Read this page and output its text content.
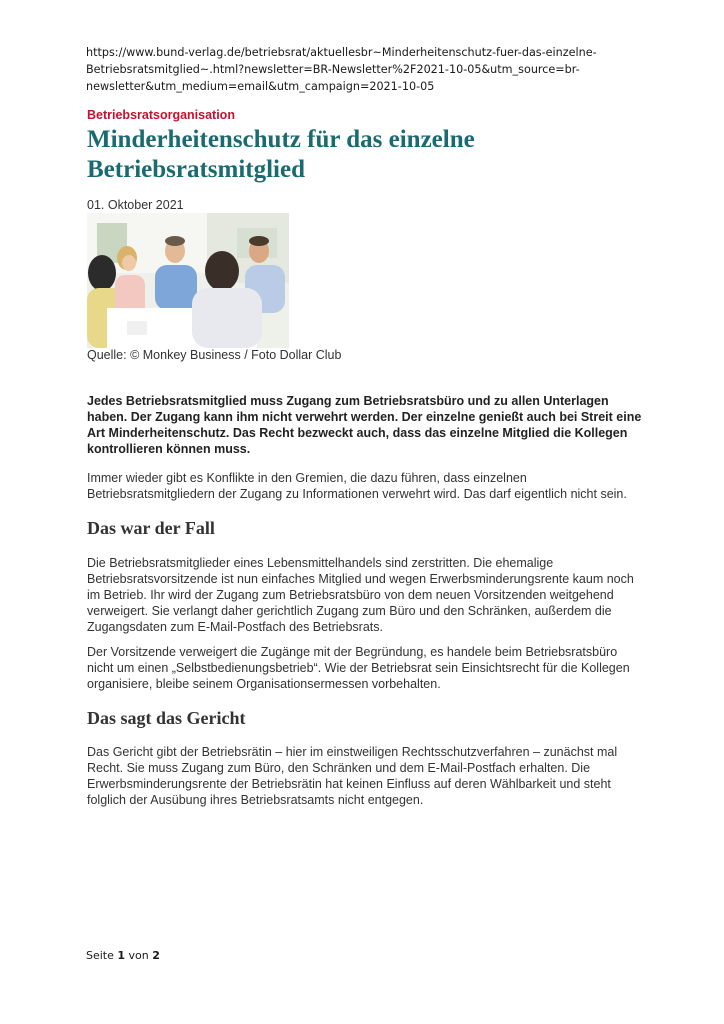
https://www.bund-verlag.de/betriebsrat/aktuellesbr~Minderheitenschutz-fuer-das-einzelne-
Betriebsratsmitglied~.html?newsletter=BR-Newsletter%2F2021-10-05&utm_source=br-
newsletter&utm_medium=email&utm_campaign=2021-10-05
Betriebsratsorganisation
Minderheitenschutz für das einzelne Betriebsratsmitglied
01. Oktober 2021
Quelle: © Monkey Business / Foto Dollar Club

Jedes Betriebsratsmitglied muss Zugang zum Betriebsratsbüro und zu allen Unterlagen haben. Der Zugang kann ihm nicht verwehrt werden. Der einzelne genießt auch bei Streit eine Art Minderheitenschutz. Das Recht bezweckt auch, dass das einzelne Mitglied die Kollegen kontrollieren können muss.

Immer wieder gibt es Konflikte in den Gremien, die dazu führen, dass einzelnen Betriebsratsmitgliedern der Zugang zu Informationen verwehrt wird. Das darf eigentlich nicht sein.

Das war der Fall

Die Betriebsratsmitglieder eines Lebensmittelhandels sind zerstritten. Die ehemalige Betriebsratsvorsitzende ist nun einfaches Mitglied und wegen Erwerbsminderungsrente kaum noch im Betrieb. Ihr wird der Zugang zum Betriebsratsbüro von dem neuen Vorsitzenden weitgehend verweigert. Sie verlangt daher gerichtlich Zugang zum Büro und den Schränken, außerdem die Zugangsdaten zum E-Mail-Postfach des Betriebsrats.

Der Vorsitzende verweigert die Zugänge mit der Begründung, es handele beim Betriebsratsbüro nicht um einen „Selbstbedienungsbetrieb“. Wie der Betriebsrat sein Einsichtsrecht für die Kollegen organisiere, bleibe seinem Organisationsermessen vorbehalten.

Das sagt das Gericht

Das Gericht gibt der Betriebsrätin – hier im einstweiligen Rechtsschutzverfahren – zunächst mal Recht. Sie muss Zugang zum Büro, den Schränken und dem E-Mail-Postfach erhalten. Die Erwerbsminderungsrente der Betriebsrätin hat keinen Einfluss auf deren Wählbarkeit und steht folglich der Ausübung ihres Betriebsratsamts nicht entgegen.

Seite 1 von 2
